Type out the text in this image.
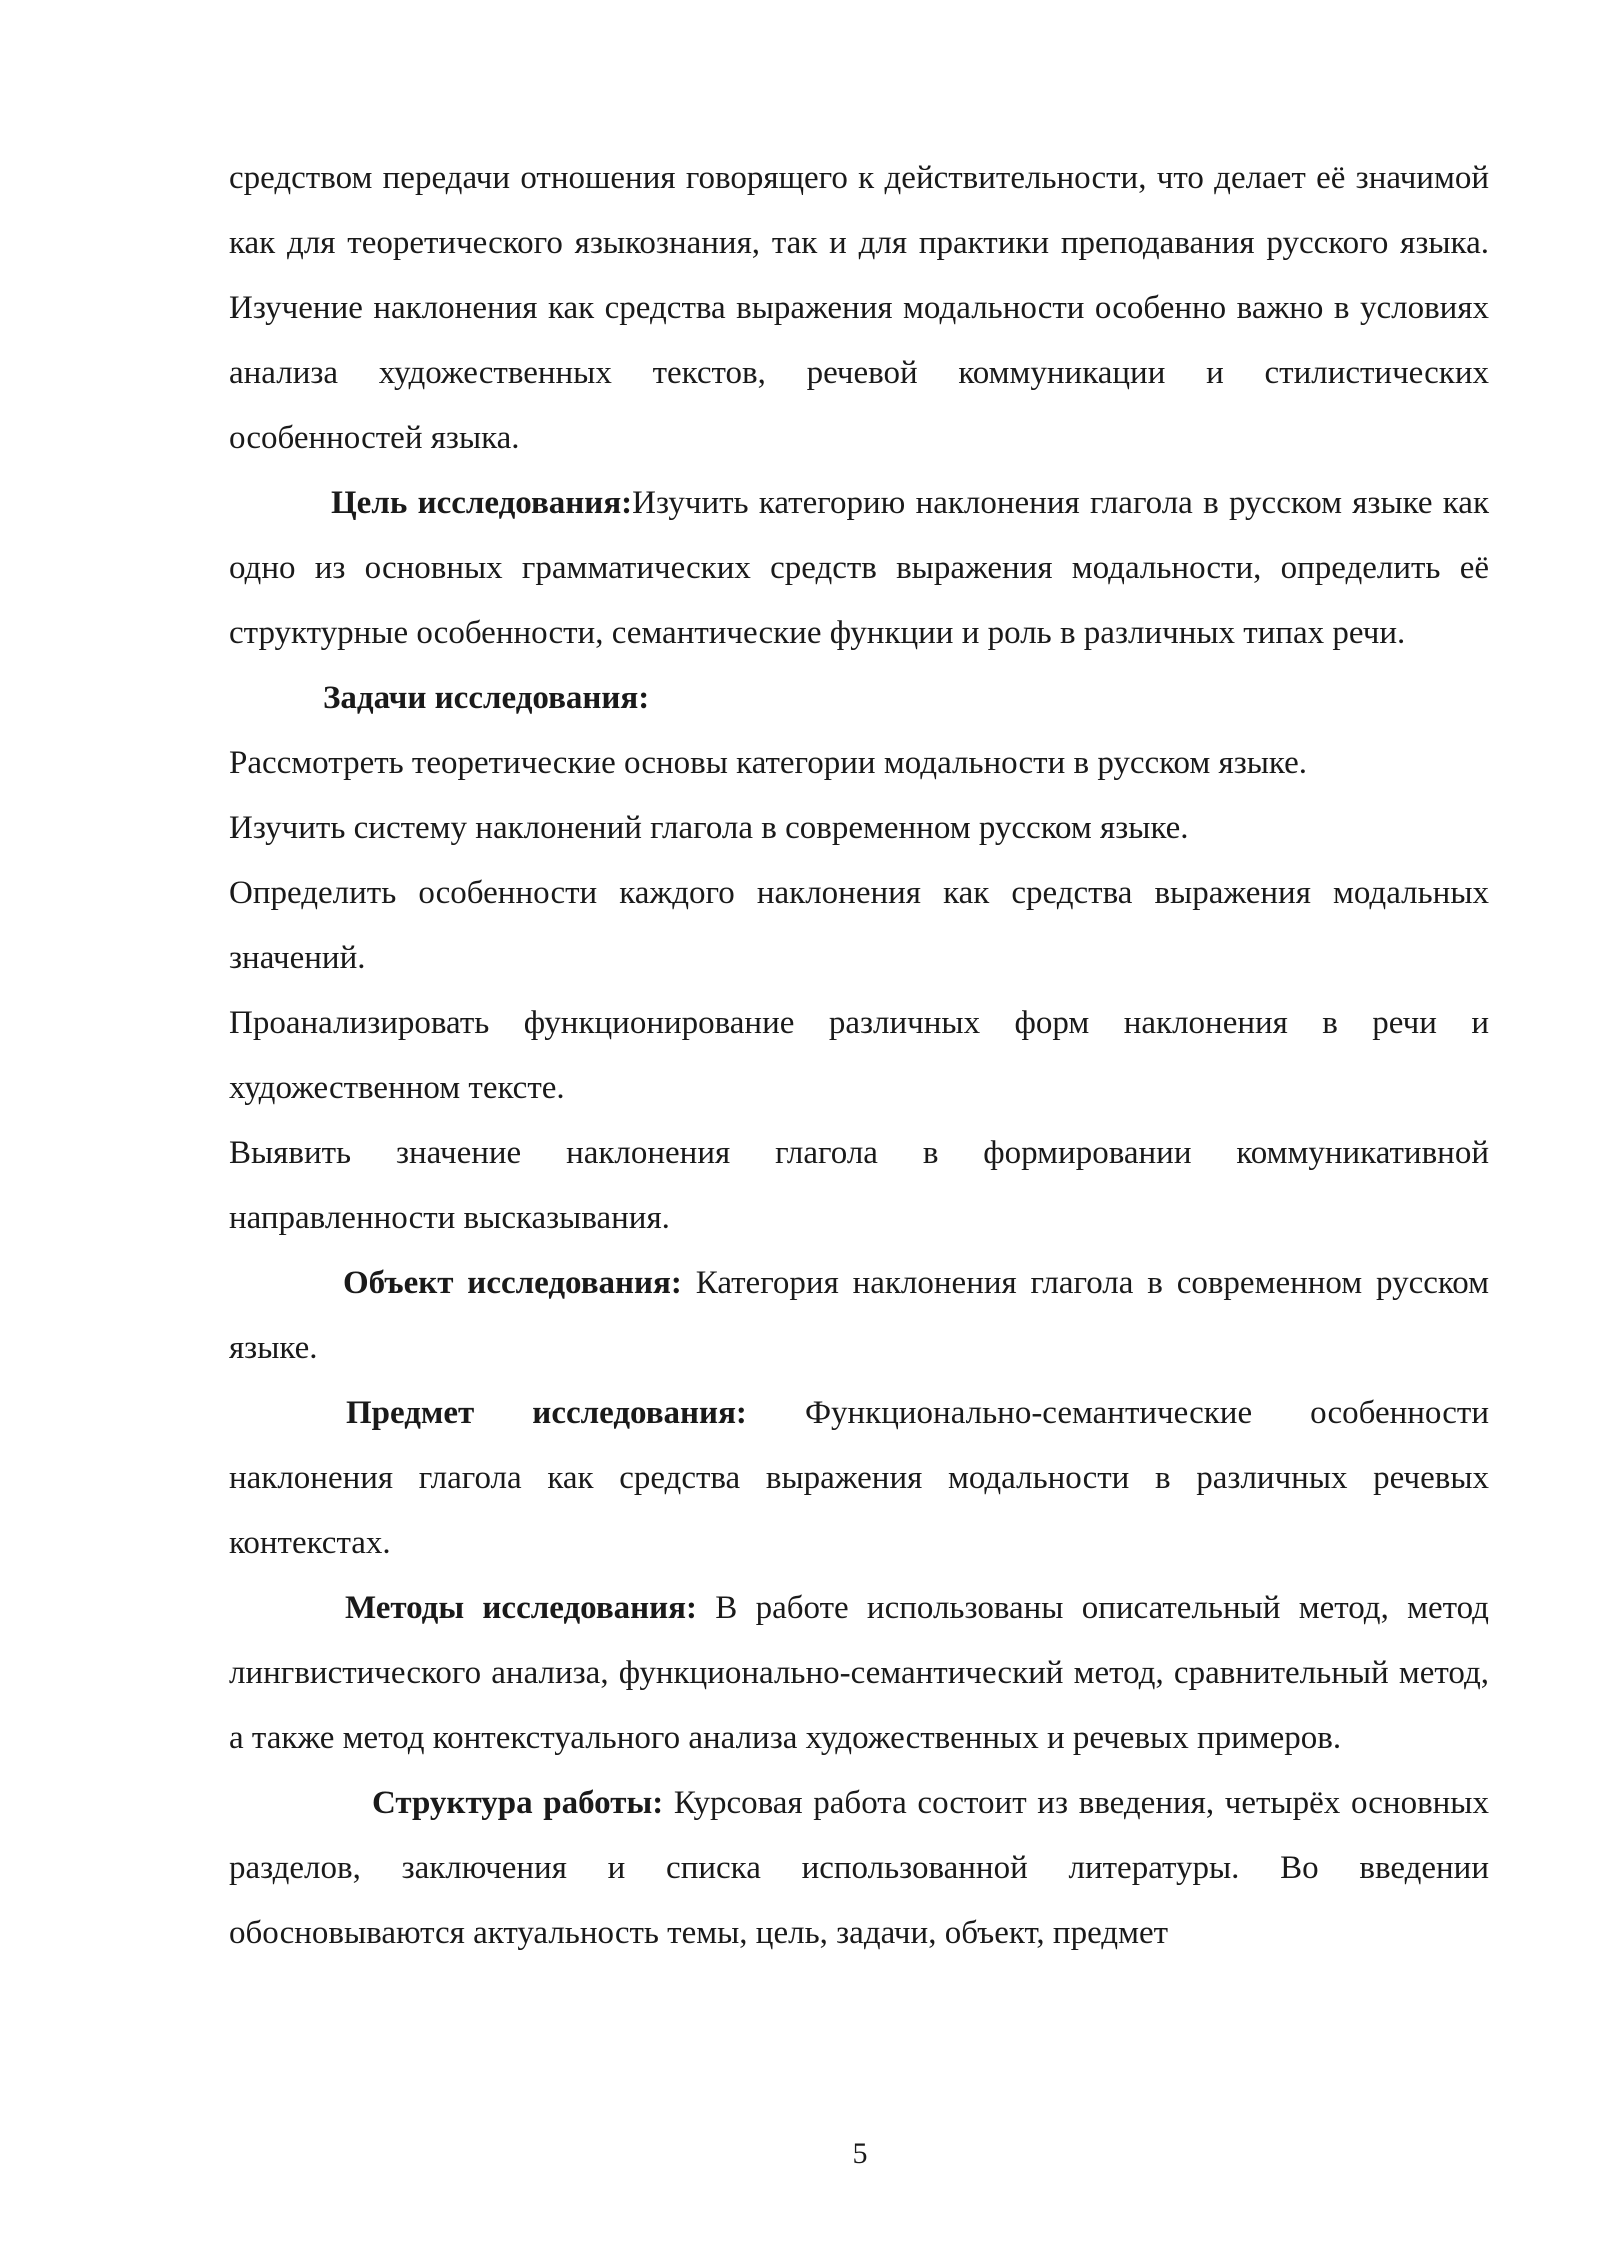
средством передачи отношения говорящего к действительности, что делает её значимой как для теоретического языкознания, так и для практики преподавания русского языка. Изучение наклонения как средства выражения модальности особенно важно в условиях анализа художественных текстов, речевой коммуникации и стилистических особенностей языка.

Цель исследования:Изучить категорию наклонения глагола в русском языке как одно из основных грамматических средств выражения модальности, определить её структурные особенности, семантические функции и роль в различных типах речи.

Задачи исследования:

Рассмотреть теоретические основы категории модальности в русском языке.

Изучить систему наклонений глагола в современном русском языке.

Определить особенности каждого наклонения как средства выражения модальных значений.

Проанализировать функционирование различных форм наклонения в речи и художественном тексте.

Выявить значение наклонения глагола в формировании коммуникативной направленности высказывания.

Объект исследования: Категория наклонения глагола в современном русском языке.

Предмет исследования: Функционально-семантические особенности наклонения глагола как средства выражения модальности в различных речевых контекстах.

Методы исследования: В работе использованы описательный метод, метод лингвистического анализа, функционально-семантический метод, сравнительный метод, а также метод контекстуального анализа художественных и речевых примеров.

Структура работы: Курсовая работа состоит из введения, четырёх основных разделов, заключения и списка использованной литературы. Во введении обосновываются актуальность темы, цель, задачи, объект, предмет

5
